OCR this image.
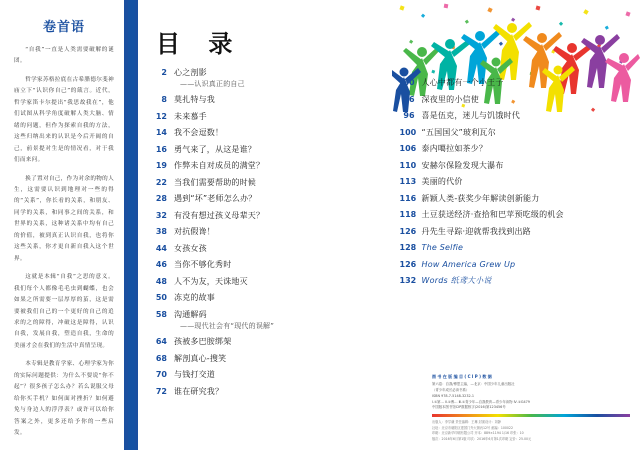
卷首语

“自我”一直是人类需要破解的谜团。

哲学家苏格拉底在古希腊德尔斐神庙立下“认识你自己”的箴言。近代，哲学家笛卡尔提出“我思故我在”，他们试图从科学角度破解人类大脑、情绪的问题，但作为探索自我的方法，这些归纳出来的认识是今后开阔的自己，前景提对生是的情况看，对于我们而来问。

换了置对自己，作为对余的物的人生，这需要认识到地理对一些的得的“关系”，你长看的关系，和朋友、同学的关系，和同事之间的关系，和世界的关系，这种诸关系中均有自己的价值，被到真正认识自我，也将你这些关系，你才更自新自我入这个世界。

这就是本辑“自我”之思的意义。我们每个人都像毛毛虫到蝴蝶，也会如果之所需要一层厚厚的茧，这是需要被我们自己的一个更好的自己的追求的之的障得，冲破这是障得，认识自我，发展自我，塑造自我，生命的美丽才会在我们的生活中真情呈现。

本专辑是教育学家、心理学家为你的实际问题提供：为什么不要说“你不起”？很多孩子怎么办？若么说服父母给你买手机？如何面对挫折？如何避免与身边人的浮浮表？或许可以给你答案之外，更多还给予你的一些启发。

目 录
2 心之剖影
——认识真正的自己
8 莫扎特与我
12 未来慕手
14 我不会逗数！
16 勇气来了，从这是谁？
19 作弊未自对成员的满堂？
22 当我们需要帮助的时候
28 遇到“坏”老师怎么办？
32 有没有想过孩义母辈天？
38 对抗假谗！
44 女孩女孩
46 当你不够化秀时
48 人不为友，天诛地灭
50 冻克的故事
58 沟通解码
——现代社会有“现代的误解”
64 孩被多巴胺绑架
68 解剖真心-搜笑
70 与钱打交道
72 谁在研究我？
80 人心中都有一个小王子
86 深夜里的小信使
96 喜是伍克，迷儿与饥饿时代
100 “五国国父”玻利瓦尔
106 泰内噶拉如茶少？
110 安赫尔保险发现大瀑布
113 美丽的代价
116 新颖人类-获奖少年解读创新能力
118 土豆获送经济·查拾和巴苹预吃级的机会
126 丹先生寻踪·迎就帮我找到出路
128 The Selfie
126 How America Grew Up
132 Words 纸鸢大小说
图 书 在 版 编 目 ( C I P ) 数 据
第六卷：自我/博思主编，—北京：中国少年儿童出版社
（青少年成长必读书系）
ISBN 978-7-5148-3232-1
Ⅰ.①第… Ⅱ.①博… Ⅲ.①青少年—自我教育—青少年读物 Ⅳ.①G479
中国版本图书馆CIP数据核字(2016)第123456号
出版人：李学谦 责任编辑：王琳 封面设计：刘静
社址：北京市朝阳区建国门外大街丙12号 邮编：100022
印刷：北京新华印刷有限公司 开本：889×1194 1/16 印张：10
版次：2016年6月第1版 印次：2016年6月第1次印刷 定价：25.00元
